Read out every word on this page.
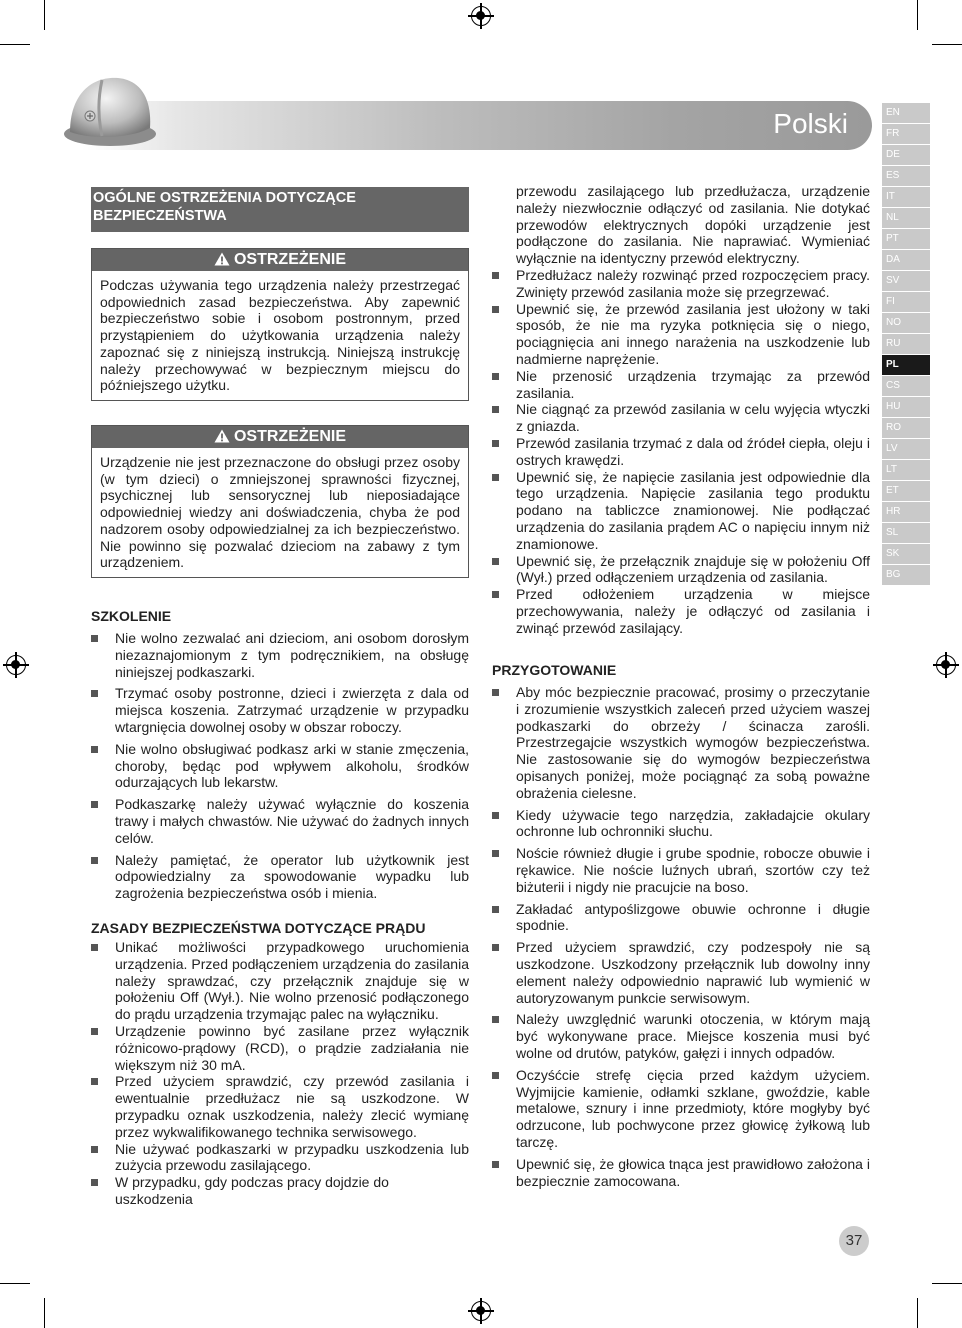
Polski	EN
FR
DE
ES
IT
NL
PT
DA
SV
FI
NO
RU
PL
CS
HU
RO
LV
LT
ET
HR
SL
SK
BG
OGÓLNE OSTRZEŻENIA DOTYCZĄCE BEZPIECZEŃSTWA
OSTRZEŻENIE
Podczas używania tego urządzenia należy przestrzegać odpowiednich zasad bezpieczeństwa. Aby zapewnić bezpieczeństwo sobie i osobom postronnym, przed przystąpieniem do użytkowania urządzenia należy zapoznać się z niniejszą instrukcją. Niniejszą instrukcję należy przechowywać w bezpiecznym miejscu do późniejszego użytku.
OSTRZEŻENIE
Urządzenie nie jest przeznaczone do obsługi przez osoby (w tym dzieci) o zmniejszonej sprawności fizycznej, psychicznej lub sensorycznej lub nieposiadające odpowiedniej wiedzy ani doświadczenia, chyba że pod nadzorem osoby odpowiedzialnej za ich bezpieczeństwo. Nie powinno się pozwalać dzieciom na zabawy z tym urządzeniem.
SZKOLENIE
Nie wolno zezwalać ani dzieciom, ani osobom dorosłym niezaznajomionym z tym podręcznikiem, na obsługę niniejszej podkaszarki.
Trzymać osoby postronne, dzieci i zwierzęta z dala od miejsca koszenia. Zatrzymać urządzenie w przypadku wtargnięcia dowolnej osoby w obszar roboczy.
Nie wolno obsługiwać podkasz arki w stanie zmęczenia, choroby, będąc pod wpływem alkoholu, środków odurzających lub lekarstw.
Podkaszarkę należy używać wyłącznie do koszenia trawy i małych chwastów. Nie używać do żadnych innych celów.
Należy pamiętać, że operator lub użytkownik jest odpowiedzialny za spowodowanie wypadku lub zagrożenia bezpieczeństwa osób i mienia.
ZASADY BEZPIECZEŃSTWA DOTYCZĄCE PRĄDU
Unikać możliwości przypadkowego uruchomienia urządzenia. Przed podłączeniem urządzenia do zasilania należy sprawdzać, czy przełącznik znajduje się w położeniu Off (Wył.). Nie wolno przenosić podłączonego do prądu urządzenia trzymając palec na wyłączniku.
Urządzenie powinno być zasilane przez wyłącznik różnicowo-prądowy (RCD), o prądzie zadziałania nie większym niż 30 mA.
Przed użyciem sprawdzić, czy przewód zasilania i ewentualnie przedłużacz nie są uszkodzone. W przypadku oznak uszkodzenia, należy zlecić wymianę przez wykwalifikowanego technika serwisowego.
Nie używać podkaszarki w przypadku uszkodzenia lub zużycia przewodu zasilającego.
W przypadku, gdy podczas pracy dojdzie do uszkodzenia
przewodu zasilającego lub przedłużacza, urządzenie należy niezwłocznie odłączyć od zasilania. Nie dotykać przewodów elektrycznych dopóki urządzenie jest podłączone do zasilania. Nie naprawiać. Wymieniać wyłącznie na identyczny przewód elektryczny.
Przedłużacz należy rozwinąć przed rozpoczęciem pracy. Zwinięty przewód zasilania może się przegrzewać.
Upewnić się, że przewód zasilania jest ułożony w taki sposób, że nie ma ryzyka potknięcia się o niego, pociągnięcia ani innego narażenia na uszkodzenie lub nadmierne naprężenie.
Nie przenosić urządzenia trzymając za przewód zasilania.
Nie ciągnąć za przewód zasilania w celu wyjęcia wtyczki z gniazda.
Przewód zasilania trzymać z dala od źródeł ciepła, oleju i ostrych krawędzi.
Upewnić się, że napięcie zasilania jest odpowiednie dla tego urządzenia. Napięcie zasilania tego produktu podano na tabliczce znamionowej. Nie podłączać urządzenia do zasilania prądem AC o napięciu innym niż znamionowe.
Upewnić się, że przełącznik znajduje się w położeniu Off (Wył.) przed odłączeniem urządzenia od zasilania.
Przed odłożeniem urządzenia w miejsce przechowywania, należy je odłączyć od zasilania i zwinąć przewód zasilający.
PRZYGOTOWANIE
Aby móc bezpiecznie pracować, prosimy o przeczytanie i zrozumienie wszystkich zaleceń przed użyciem waszej podkaszarki do obrzeży / ścinacza zarośli. Przestrzegajcie wszystkich wymogów bezpieczeństwa. Nie zastosowanie się do wymogów bezpieczeństwa opisanych poniżej, może pociągnąć za sobą poważne obrażenia cielesne.
Kiedy używacie tego narzędzia, zakładajcie okulary ochronne lub ochronniki słuchu.
Noście również długie i grube spodnie, robocze obuwie i rękawice. Nie noście luźnych ubrań, szortów czy też biżuterii i nigdy nie pracujcie na boso.
Zakładać antypoślizgowe obuwie ochronne i długie spodnie.
Przed użyciem sprawdzić, czy podzespoły nie są uszkodzone. Uszkodzony przełącznik lub dowolny inny element należy odpowiednio naprawić lub wymienić w autoryzowanym punkcie serwisowym.
Należy uwzględnić warunki otoczenia, w którym mają być wykonywane prace. Miejsce koszenia musi być wolne od drutów, patyków, gałęzi i innych odpadów.
Oczyśćcie strefę cięcia przed każdym użyciem. Wyjmijcie kamienie, odłamki szklane, gwoździe, kable metalowe, sznury i inne przedmioty, które mogłyby być odrzucone, lub pochwycone przez głowicę żyłkową lub tarczę.
Upewnić się, że głowica tnąca jest prawidłowo założona i bezpiecznie zamocowana.
37
